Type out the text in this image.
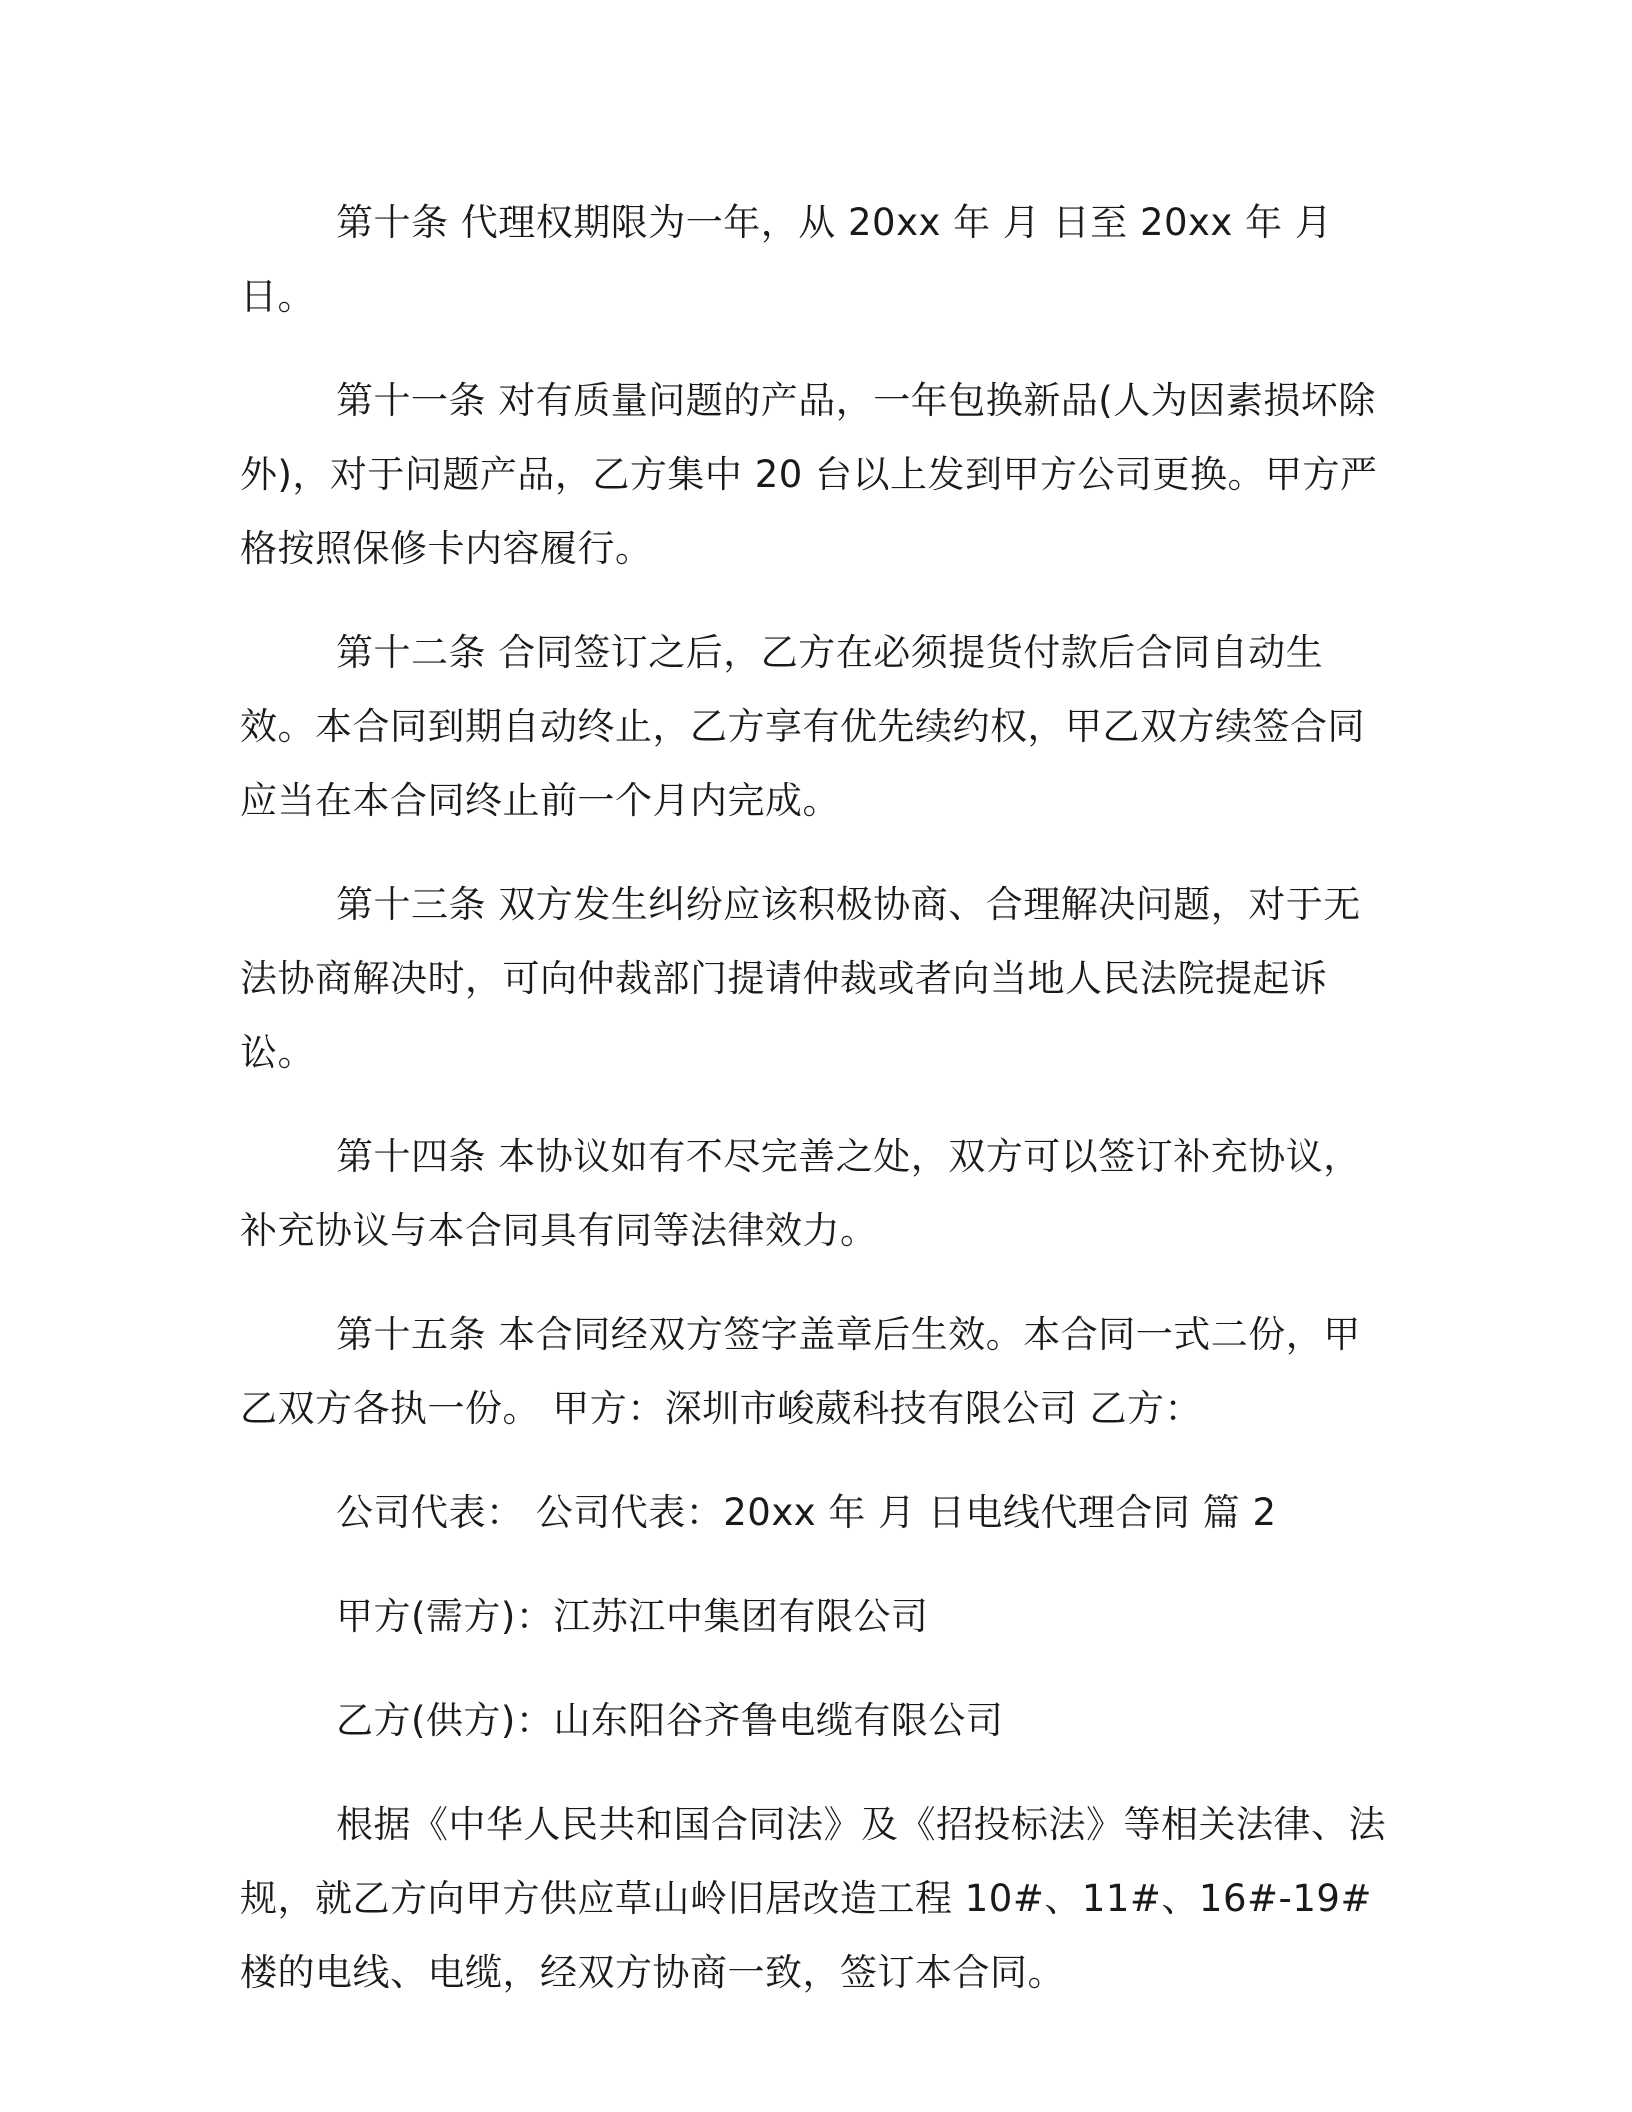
第十条 代理权期限为一年，从 20xx 年 月 日至 20xx 年 月 日。

第十一条 对有质量问题的产品，一年包换新品(人为因素损坏除外)，对于问题产品，乙方集中 20 台以上发到甲方公司更换。甲方严格按照保修卡内容履行。

第十二条 合同签订之后，乙方在必须提货付款后合同自动生效。本合同到期自动终止，乙方享有优先续约权，甲乙双方续签合同应当在本合同终止前一个月内完成。

第十三条 双方发生纠纷应该积极协商、合理解决问题，对于无法协商解决时，可向仲裁部门提请仲裁或者向当地人民法院提起诉讼。

第十四条 本协议如有不尽完善之处，双方可以签订补充协议，补充协议与本合同具有同等法律效力。

第十五条 本合同经双方签字盖章后生效。本合同一式二份，甲乙双方各执一份。 甲方：深圳市峻葳科技有限公司 乙方：

公司代表： 公司代表：20xx 年 月 日电线代理合同 篇 2

甲方(需方)：江苏江中集团有限公司

乙方(供方)：山东阳谷齐鲁电缆有限公司

根据《中华人民共和国合同法》及《招投标法》等相关法律、法规，就乙方向甲方供应草山岭旧居改造工程 10#、11#、16#-19#楼的电线、电缆，经双方协商一致，签订本合同。
